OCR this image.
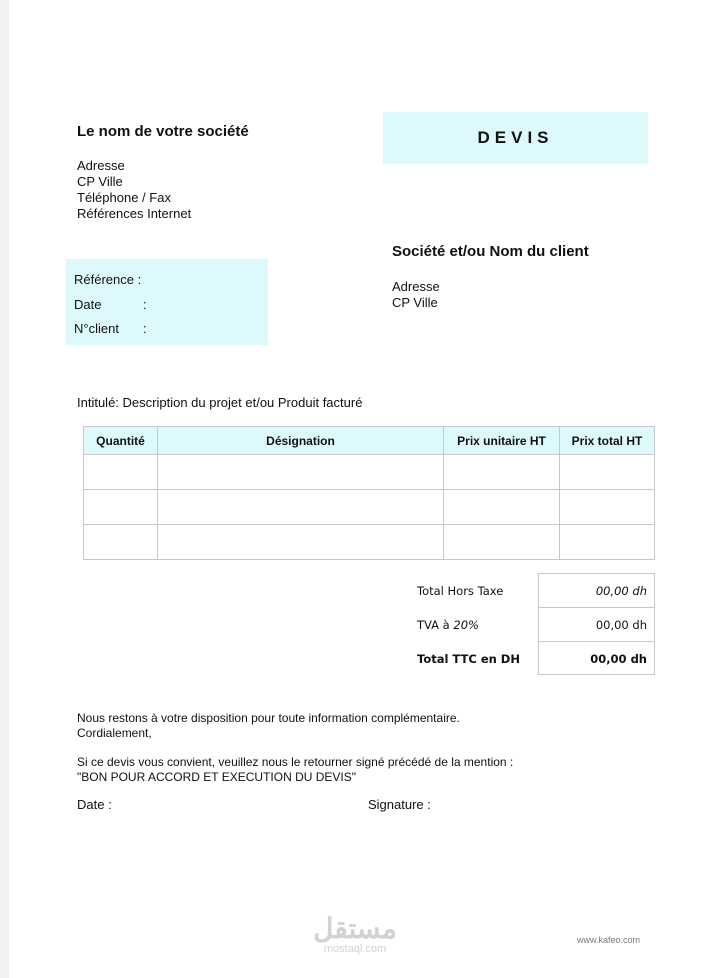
Le nom de votre société
Adresse
CP Ville
Téléphone / Fax
Références Internet
DEVIS
Société et/ou Nom du client
Adresse
CP Ville
Référence :
Date	:
N°client :
Intitulé: Description du projet et/ou Produit facturé
Quantité	Désignation	Prix unitaire HT	Prix total HT

Total Hors Taxe	00,00 dh
TVA à 20%	00,00 dh
Total TTC en DH	00,00 dh
Nous restons à votre disposition pour toute information complémentaire.
Cordialement,
Si ce devis vous convient, veuillez nous le retourner signé précédé de la mention :
"BON POUR ACCORD ET EXECUTION DU DEVIS"
Date :	Signature :
مستقل
mostaql.com
www.kafeo.com
